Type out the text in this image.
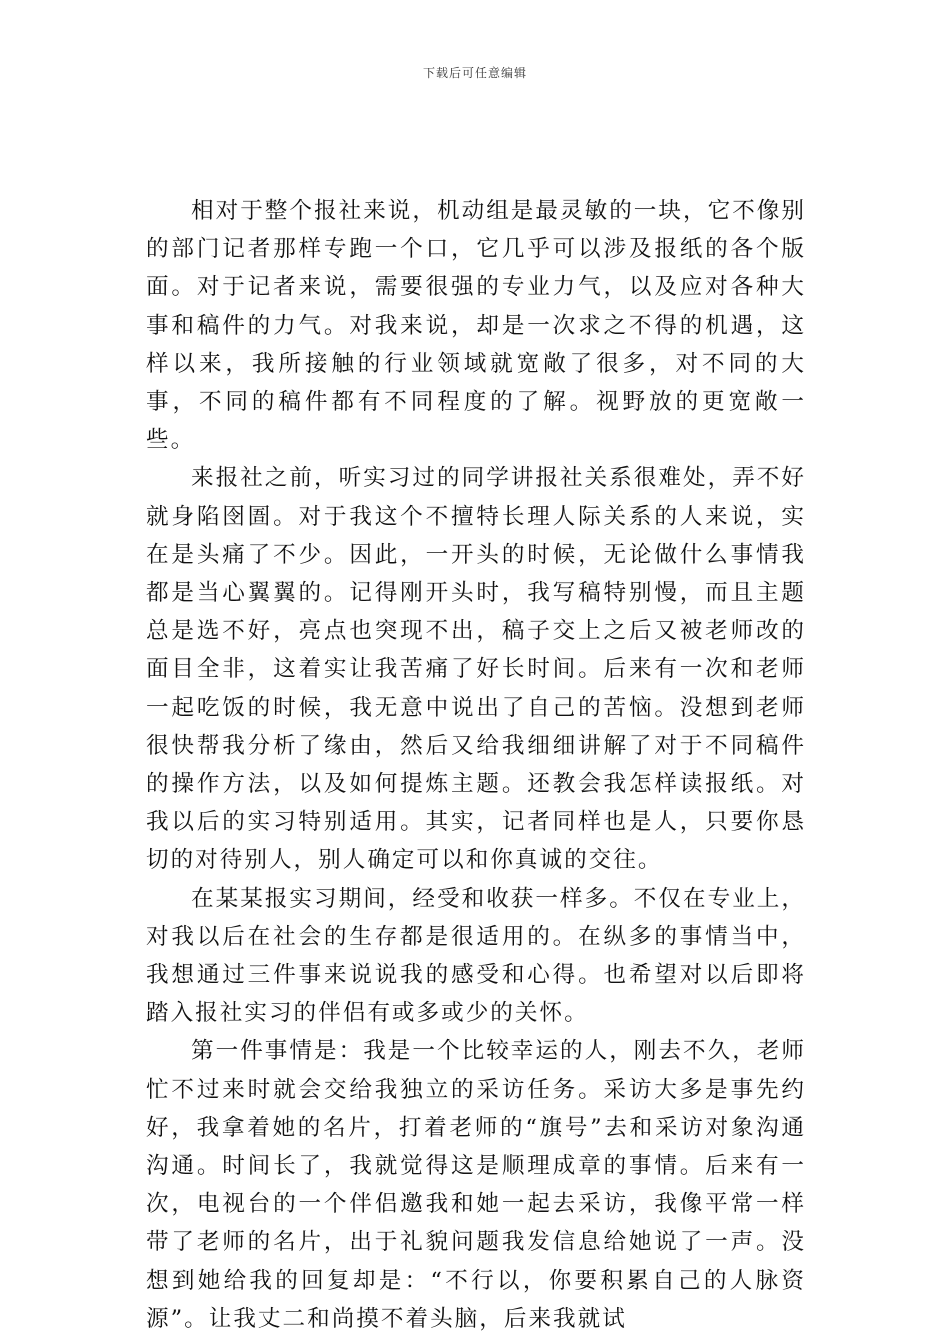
下载后可任意编辑

相对于整个报社来说，机动组是最灵敏的一块，它不像别的部门记者那样专跑一个口，它几乎可以涉及报纸的各个版面。对于记者来说，需要很强的专业力气，以及应对各种大事和稿件的力气。对我来说，却是一次求之不得的机遇，这样以来，我所接触的行业领域就宽敞了很多，对不同的大事，不同的稿件都有不同程度的了解。视野放的更宽敞一些。

来报社之前，听实习过的同学讲报社关系很难处，弄不好就身陷囹圄。对于我这个不擅特长理人际关系的人来说，实在是头痛了不少。因此，一开头的时候，无论做什么事情我都是当心翼翼的。记得刚开头时，我写稿特别慢，而且主题总是选不好，亮点也突现不出，稿子交上之后又被老师改的面目全非，这着实让我苦痛了好长时间。后来有一次和老师一起吃饭的时候，我无意中说出了自己的苦恼。没想到老师很快帮我分析了缘由，然后又给我细细讲解了对于不同稿件的操作方法，以及如何提炼主题。还教会我怎样读报纸。对我以后的实习特别适用。其实，记者同样也是人，只要你恳切的对待别人，别人确定可以和你真诚的交往。

在某某报实习期间，经受和收获一样多。不仅在专业上，对我以后在社会的生存都是很适用的。在纵多的事情当中，我想通过三件事来说说我的感受和心得。也希望对以后即将踏入报社实习的伴侣有或多或少的关怀。

第一件事情是：我是一个比较幸运的人，刚去不久，老师忙不过来时就会交给我独立的采访任务。采访大多是事先约好，我拿着她的名片，打着老师的“旗号”去和采访对象沟通沟通。时间长了，我就觉得这是顺理成章的事情。后来有一次，电视台的一个伴侣邀我和她一起去采访，我像平常一样带了老师的名片，出于礼貌问题我发信息给她说了一声。没想到她给我的回复却是：“不行以，你要积累自己的人脉资源”。让我丈二和尚摸不着头脑，后来我就试
